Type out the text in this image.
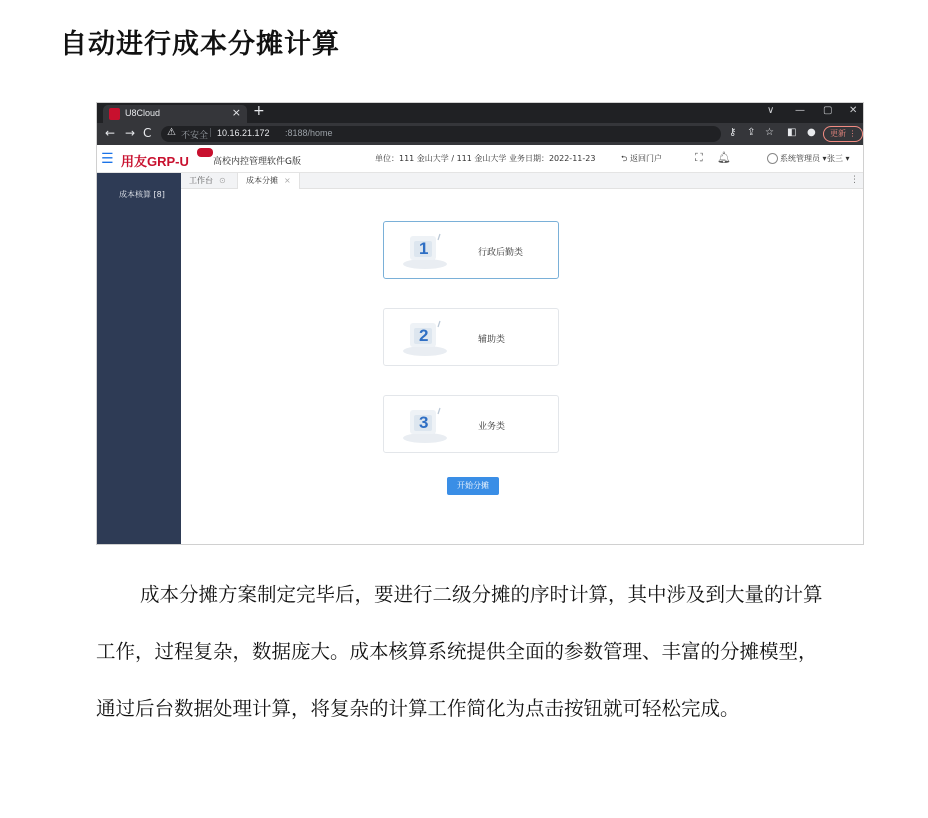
自动进行成本分摊计算
U8Cloud	× +	∨ — ▢ ✕
← → C ⚠ 不安全 | 10.16.21.172 :8188/home	⚷ ⇪ ☆ ◧ ●	更新 ⋮
☰ 用友GRP-U	高校内控管理软件G版	单位：111 金山大学 / 111 金山大学 业务日期：2022-11-23	⮌ 返回门户	⛶ 🔔︎	系统管理员 ▾ 张三 ▾
成本核算 [8]
工作台 ⊙	成本分摊 ×	⋮
1	行政后勤类
2	辅助类
3	业务类
开始分摊

成本分摊方案制定完毕后，要进行二级分摊的序时计算，其中涉及到大量的计算工作，过程复杂，数据庞大。成本核算系统提供全面的参数管理、丰富的分摊模型，通过后台数据处理计算，将复杂的计算工作简化为点击按钮就可轻松完成。
